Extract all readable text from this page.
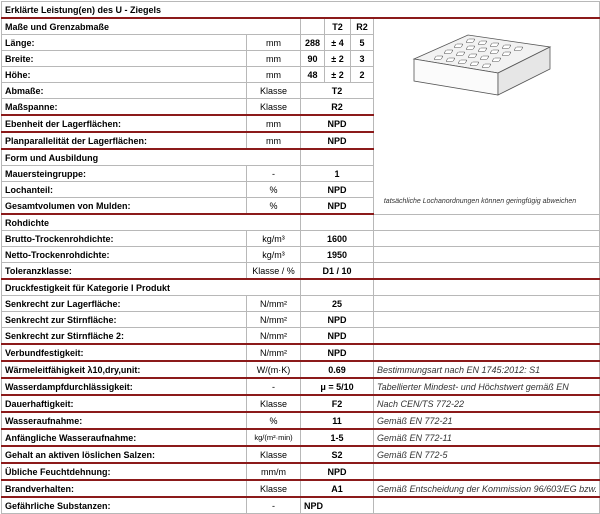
Erklärte Leistung(en) des U - Ziegels					
Maße und Grenzabmaße			T2	R2	tatsächliche Lochanordnungen können geringfügig abweichen

Länge:	mm	288	± 4	5	
Breite:	mm	90	± 2	3	
Höhe:	mm	48	± 2	2	
Abmaße:	Klasse	T2			
Maßspanne:	Klasse	R2			
Ebenheit der Lagerflächen:	mm	NPD			
Planparallelität der Lagerflächen:	mm	NPD			
Form und Ausbildung					
Mauersteingruppe:	-	1			
Lochanteil:	%	NPD			
Gesamtvolumen von Mulden:	%	NPD			
Rohdichte					
Brutto-Trockenrohdichte:	kg/m³	1600			
Netto-Trockenrohdichte:	kg/m³	1950			
Toleranzklasse:	Klasse / %	D1 / 10			
Druckfestigkeit für Kategorie I Produkt					
Senkrecht zur Lagerfläche:	N/mm²	25			
Senkrecht zur Stirnfläche:	N/mm²	NPD			
Senkrecht zur Stirnfläche 2:	N/mm²	NPD			
Verbundfestigkeit:	N/mm²	NPD			
Wärmeleitfähigkeit λ10,dry,unit:	W/(m·K)	0.69			Bestimmungsart nach EN 1745:2012: S1
Wasserdampfdurchlässigkeit:	-	μ = 5/10			Tabellierter Mindest- und Höchstwert gemäß EN
Dauerhaftigkeit:	Klasse	F2			Nach CEN/TS 772-22
Wasseraufnahme:	%	11			Gemäß EN 772-21
Anfängliche Wasseraufnahme:	kg/(m²·min)	1-5			Gemäß EN 772-11
Gehalt an aktiven löslichen Salzen:	Klasse	S2			Gemäß EN 772-5
Übliche Feuchtdehnung:	mm/m	NPD			
Brandverhalten:	Klasse	A1			Gemäß Entscheidung der Kommission 96/603/EG bzw.
Gefährliche Substanzen:	-	NPD			
